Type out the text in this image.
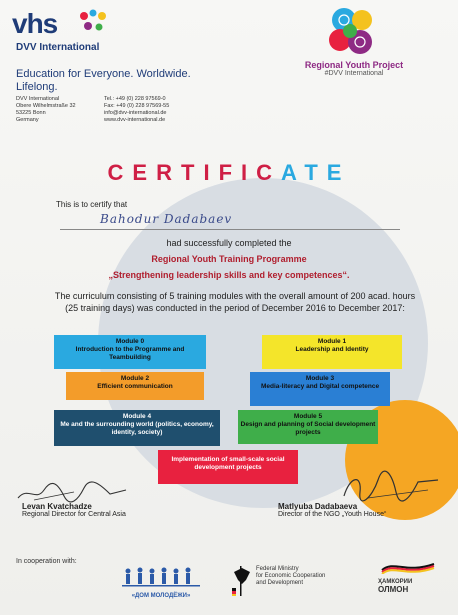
vhs
DVV International
Education for Everyone. Worldwide. Lifelong.
DVV International
Obere Wilhelmstraße 32
53225 Bonn
Germany
Tel.: +49 (0) 228 97569-0
Fax: +49 (0) 228 97569-55
info@dvv-international.de
www.dvv-international.de
Regional Youth Project
#DVV International
CERTIFICATE
This is to certify that
Bahodur Dadabaev
had successfully completed the
Regional Youth Training Programme
„Strengthening leadership skills and key competences“.
The curriculum consisting of 5 training modules with the overall amount of 200 acad. hours (25 training days) was conducted in the period of December 2016 to December 2017:
Module 0
Introduction to the Programme and Teambuilding
Module 1
Leadership and Identity
Module 2
Efficient communication
Module 3
Media-literacy and Digital competence
Module 4
Me and the surrounding world (politics, economy, identity, society)
Module 5
Design and planning of Social development projects
Implementation of small-scale social development projects
Levan Kvatchadze
Regional Director for Central Asia
Matlyuba Dadabaeva
Director of the NGO „Youth House“
In cooperation with:
«ДОМ МОЛОДЁЖИ»
Federal Ministry
for Economic Cooperation
and Development	ҲАМКОРИИ
ОЛМОН
